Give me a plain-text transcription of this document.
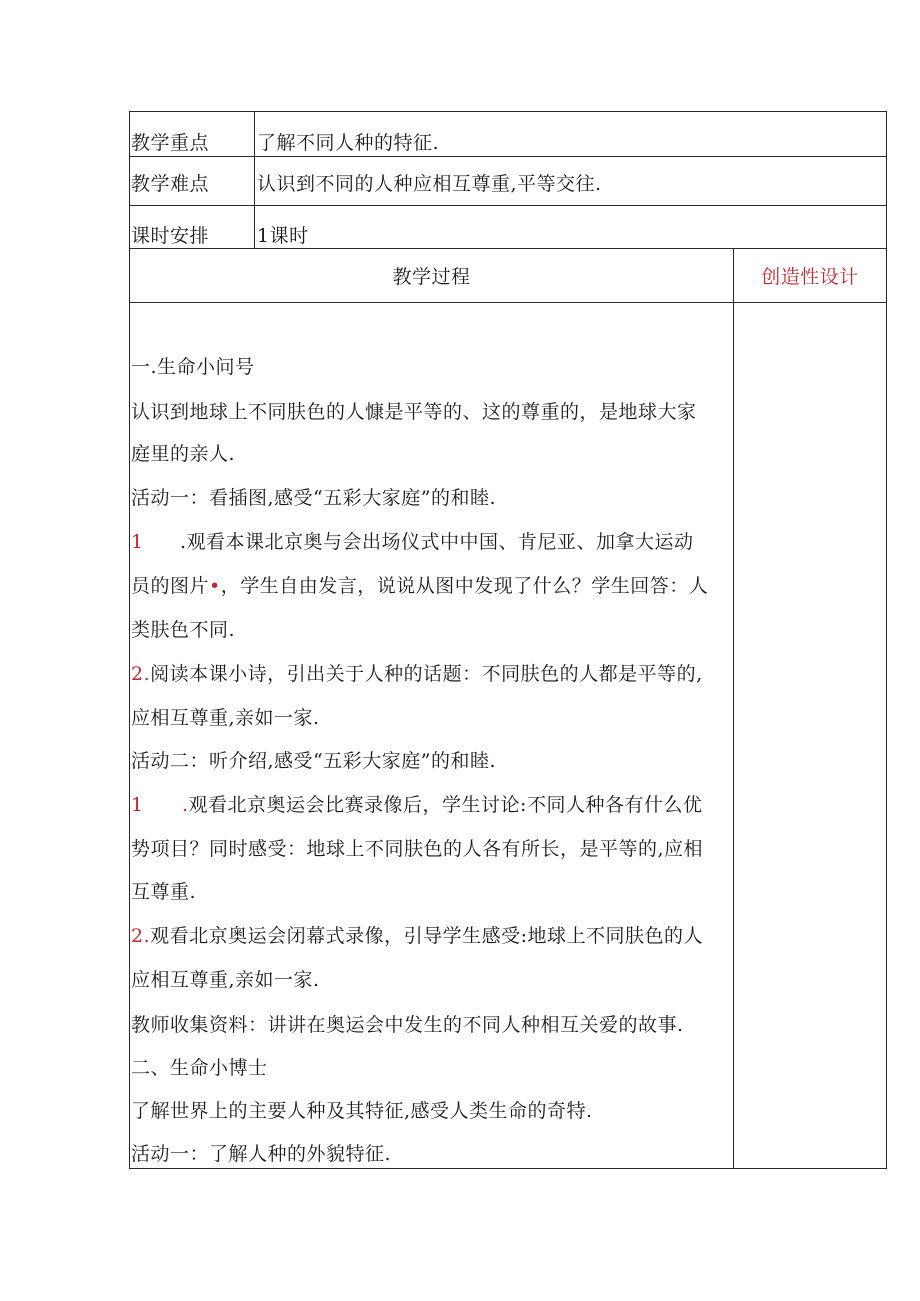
教学重点	了解不同人种的特征.
教学难点	认识到不同的人种应相互尊重,平等交往.
课时安排	1课时
教学过程	创造性设计
一.生命小问号
认识到地球上不同肤色的人慷是平等的、这的尊重的，是地球大家
庭里的亲人.
活动一：看插图,感受“五彩大家庭”的和睦.
1 .观看本课北京奥与会出场仪式中中国、肯尼亚、加拿大运动
员的图片•，学生自由发言，说说从图中发现了什么？学生回答：人
类肤色不同.
2.阅读本课小诗，引出关于人种的话题：不同肤色的人都是平等的,
应相互尊重,亲如一家.
活动二：听介绍,感受“五彩大家庭”的和睦.
1 .观看北京奥运会比赛录像后，学生讨论:不同人种各有什么优
势项目？同时感受：地球上不同肤色的人各有所长，是平等的,应相
互尊重.
2.观看北京奥运会闭幕式录像，引导学生感受:地球上不同肤色的人
应相互尊重,亲如一家.
教师收集资料：讲讲在奥运会中发生的不同人种相互关爱的故事.
二、生命小博士
了解世界上的主要人种及其特征,感受人类生命的奇特.
活动一：了解人种的外貌特征.
